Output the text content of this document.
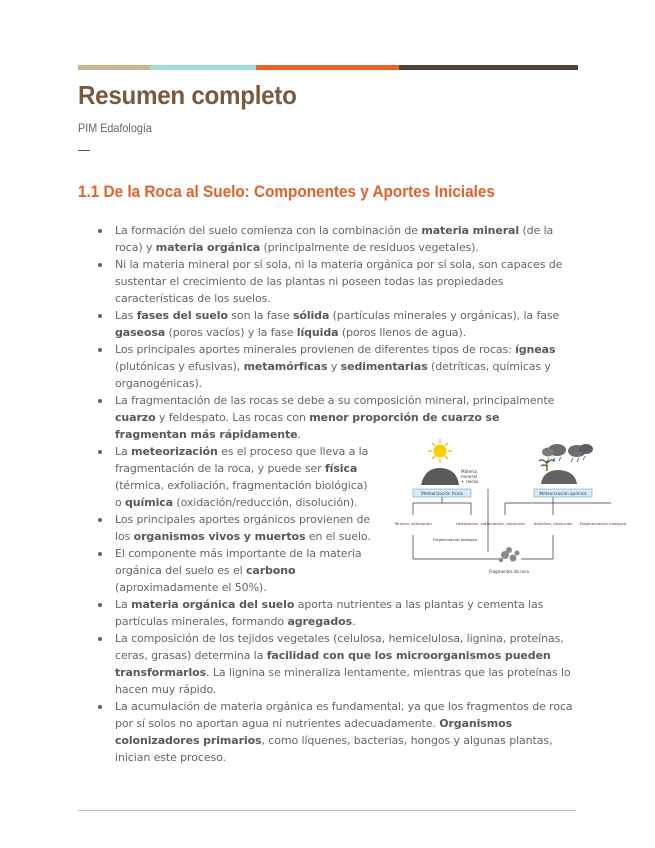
Resumen completo
PIM Edafología
1.1 De la Roca al Suelo: Componentes y Aportes Iniciales
La formación del suelo comienza con la combinación de materia mineral (de la roca) y materia orgánica (principalmente de residuos vegetales).
Ni la materia mineral por sí sola, ni la materia orgánica por sí sola, son capaces de sustentar el crecimiento de las plantas ni poseen todas las propiedades características de los suelos.
Las fases del suelo son la fase sólida (partículas minerales y orgánicas), la fase gaseosa (poros vacíos) y la fase líquida (poros llenos de agua).
Los principales aportes minerales provienen de diferentes tipos de rocas: ígneas (plutónicas y efusivas), metamórficas y sedimentarias (detríticas, químicas y organogénicas).
La fragmentación de las rocas se debe a su composición mineral, principalmente cuarzo y feldespato. Las rocas con menor proporción de cuarzo se fragmentan más rápidamente.
La meteorización es el proceso que lleva a la fragmentación de la roca, y puede ser física (térmica, exfoliación, fragmentación biológica) o química (oxidación/reducción, disolución).
Los principales aportes orgánicos provienen de los organismos vivos y muertos en el suelo.
El componente más importante de la materia orgánica del suelo es el carbono (aproximadamente el 50%).
La materia orgánica del suelo aporta nutrientes a las plantas y cementa las partículas minerales, formando agregados.
La composición de los tejidos vegetales (celulosa, hemicelulosa, lignina, proteínas, ceras, grasas) determina la facilidad con que los microorganismos pueden transformarlos. La lignina se mineraliza lentamente, mientras que las proteínas lo hacen muy rápido.
La acumulación de materia orgánica es fundamental, ya que los fragmentos de roca por sí solos no aportan agua ni nutrientes adecuadamente. Organismos colonizadores primarios, como líquenes, bacterias, hongos y algunas plantas, inician este proceso.
Materia mineral + raíces
Meteorización física	Meteorización química
Térmica, exfoliación	Hidratación, sal
Fragmentación biológica
Oxidación, reducción Hidrólisis, disolución Fragmentación biológica
Fragmentos de roca
